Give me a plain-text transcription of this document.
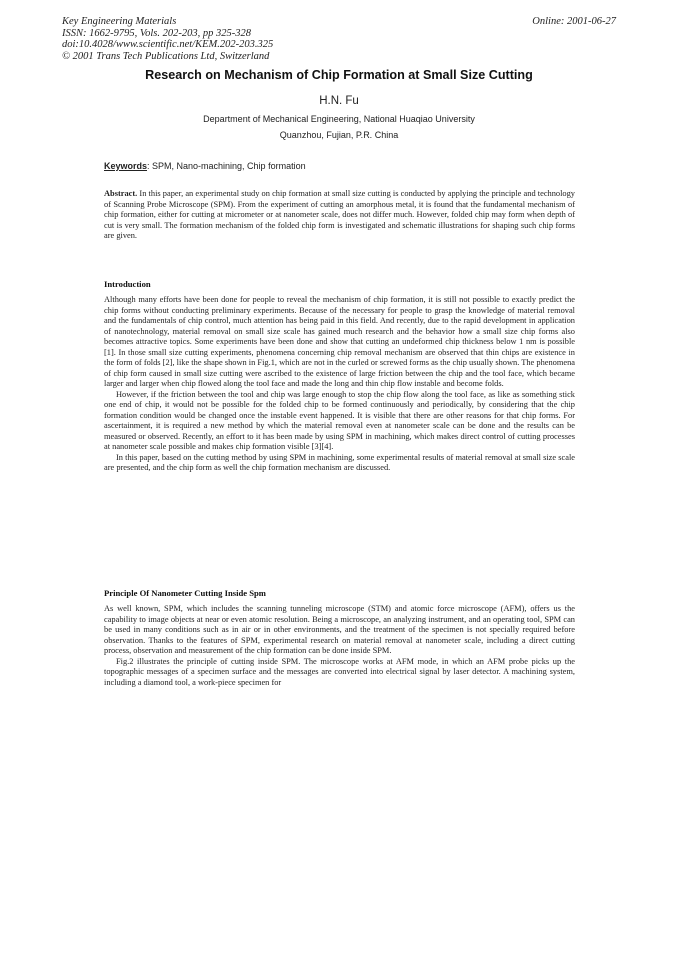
Key Engineering Materials
ISSN: 1662-9795, Vols. 202-203, pp 325-328
doi:10.4028/www.scientific.net/KEM.202-203.325
© 2001 Trans Tech Publications Ltd, Switzerland
Online: 2001-06-27
Research on Mechanism of Chip Formation at Small Size Cutting
H.N. Fu
Department of Mechanical Engineering, National Huaqiao University
Quanzhou, Fujian, P.R. China
Keywords: SPM, Nano-machining, Chip formation

Abstract. In this paper, an experimental study on chip formation at small size cutting is conducted by applying the principle and technology of Scanning Probe Microscope (SPM). From the experiment of cutting an amorphous metal, it is found that the fundamental mechanism of chip formation, either for cutting at micrometer or at nanometer scale, does not differ much. However, folded chip may form when depth of cut is very small. The formation mechanism of the folded chip form is investigated and schematic illustrations for shaping such chip forms are given.

Introduction

Although many efforts have been done for people to reveal the mechanism of chip formation, it is still not possible to exactly predict the chip forms without conducting preliminary experiments. Because of the necessary for people to grasp the knowledge of material removal and the fundamentals of chip control, much attention has being paid in this field. And recently, due to the rapid development in application of nanotechnology, material removal on small size scale has gained much research and the behavior how a small size chip forms also becomes attractive topics. Some experiments have been done and show that cutting an undeformed chip thickness below 1 nm is possible [1]. In those small size cutting experiments, phenomena concerning chip removal mechanism are observed that thin chips are existence in the form of folds [2], like the shape shown in Fig.1, which are not in the curled or screwed forms as the chip usually shown. The phenomena of chip form caused in small size cutting were ascribed to the existence of large friction between the chip and the tool face, which became larger and larger when chip flowed along the tool face and made the long and thin chip flow instable and become folds.

However, if the friction between the tool and chip was large enough to stop the chip flow along the tool face, as like as something stick one end of chip, it would not be possible for the folded chip to be formed continuously and periodically, by considering that the chip formation condition would be changed once the instable event happened. It is visible that there are other reasons for that chip forms. For ascertainment, it is required a new method by which the material removal even at nanometer scale can be done and the results can be measured or observed. Recently, an effort to it has been made by using SPM in machining, which makes direct control of cutting processes at nanometer scale possible and makes chip formation visible [3][4].

In this paper, based on the cutting method by using SPM in machining, some experimental results of material removal at small size scale are presented, and the chip form as well the chip formation mechanism are discussed.

Principle Of Nanometer Cutting Inside Spm

As well known, SPM, which includes the scanning tunneling microscope (STM) and atomic force microscope (AFM), offers us the capability to image objects at near or even atomic resolution. Being a microscope, an analyzing instrument, and an operating tool, SPM can be used in many conditions such as in air or in other environments, and the treatment of the specimen is not specially required before observation. Thanks to the features of SPM, experimental research on material removal at nanometer scale, including a direct cutting process, observation and measurement of the chip formation can be done inside SPM.

Fig.2 illustrates the principle of cutting inside SPM. The microscope works at AFM mode, in which an AFM probe picks up the topographic messages of a specimen surface and the messages are converted into electrical signal by laser detector. A machining system, including a diamond tool, a work-piece specimen for
